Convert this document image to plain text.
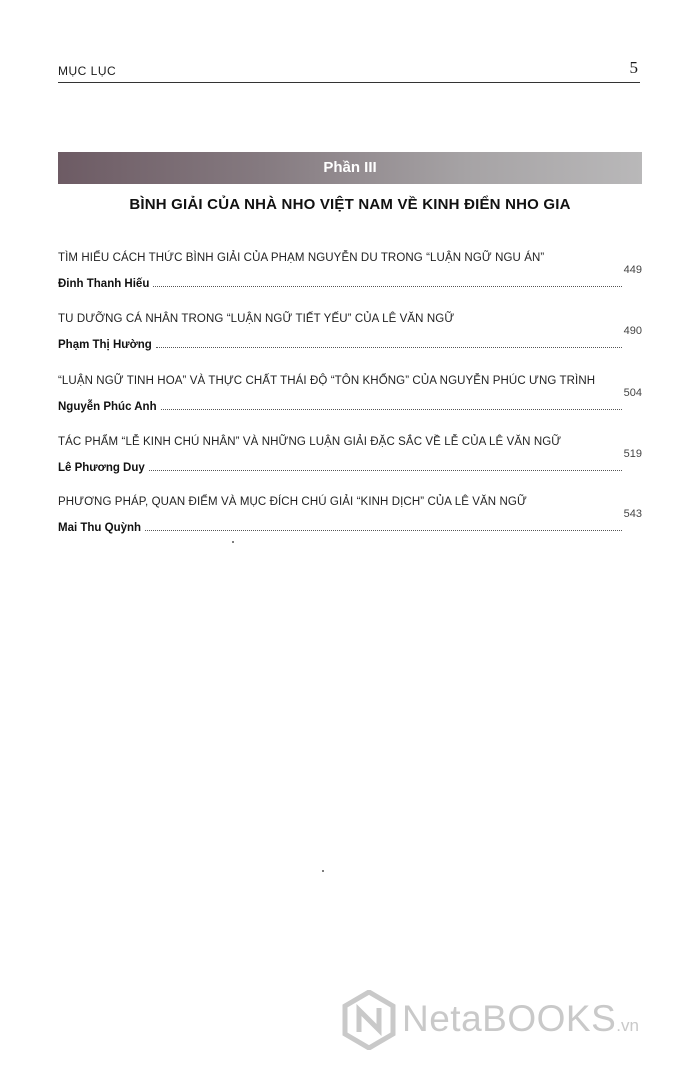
MỤC LỤC	5
Phần III
BÌNH GIẢI CỦA NHÀ NHO VIỆT NAM VỀ KINH ĐIỂN NHO GIA
TÌM HIỂU CÁCH THỨC BÌNH GIẢI CỦA PHẠM NGUYỄN DU TRONG “LUẬN NGỮ NGU ÁN”
Đinh Thanh Hiếu
449
TU DƯỠNG CÁ NHÂN TRONG “LUẬN NGỮ TIẾT YẾU” CỦA LÊ VĂN NGỮ
Phạm Thị Hường
490
“LUẬN NGỮ TINH HOA” VÀ THỰC CHẤT THÁI ĐỘ “TÔN KHỔNG” CỦA NGUYỄN PHÚC ƯNG TRÌNH
Nguyễn Phúc Anh
504
TÁC PHẨM “LỄ KINH CHÚ NHÂN” VÀ NHỮNG LUẬN GIẢI ĐẶC SẮC VỀ LỄ CỦA LÊ VĂN NGỮ
Lê Phương Duy
519
PHƯƠNG PHÁP, QUAN ĐIỂM VÀ MỤC ĐÍCH CHÚ GIẢI “KINH DỊCH” CỦA LÊ VĂN NGỮ
Mai Thu Quỳnh
543
NetaBOOKS.vn
